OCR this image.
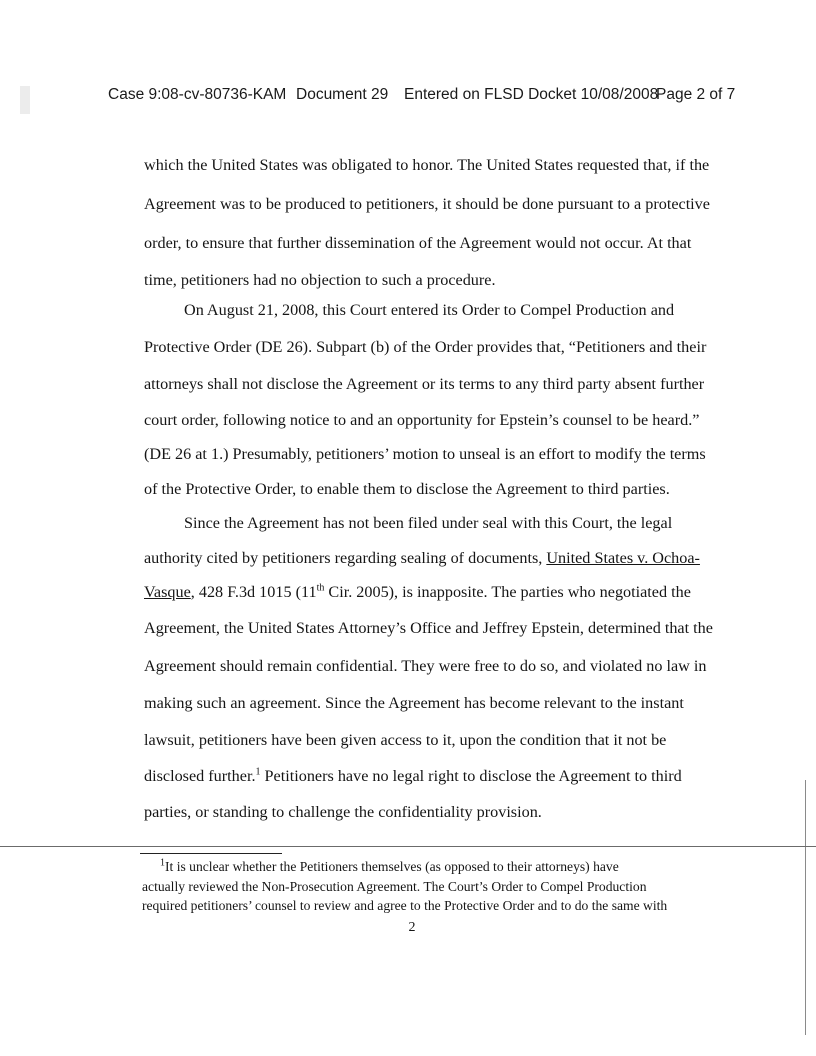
Case 9:08-cv-80736-KAM Document 29 Entered on FLSD Docket 10/08/2008
Page 2 of 7
which the United States was obligated to honor. The United States requested that, if the
Agreement was to be produced to petitioners, it should be done pursuant to a protective
order, to ensure that further dissemination of the Agreement would not occur. At that
time, petitioners had no objection to such a procedure.
On August 21, 2008, this Court entered its Order to Compel Production and
Protective Order (DE 26). Subpart (b) of the Order provides that, “Petitioners and their
attorneys shall not disclose the Agreement or its terms to any third party absent further
court order, following notice to and an opportunity for Epstein’s counsel to be heard.”
(DE 26 at 1.) Presumably, petitioners’ motion to unseal is an effort to modify the terms
of the Protective Order, to enable them to disclose the Agreement to third parties.
Since the Agreement has not been filed under seal with this Court, the legal
authority cited by petitioners regarding sealing of documents, United States v. Ochoa-
Vasque, 428 F.3d 1015 (11th Cir. 2005), is inapposite. The parties who negotiated the
Agreement, the United States Attorney’s Office and Jeffrey Epstein, determined that the
Agreement should remain confidential. They were free to do so, and violated no law in
making such an agreement. Since the Agreement has become relevant to the instant
lawsuit, petitioners have been given access to it, upon the condition that it not be
disclosed further.$^1$ Petitioners have no legal right to disclose the Agreement to third
parties, or standing to challenge the confidentiality provision.
$^1$It is unclear whether the Petitioners themselves (as opposed to their attorneys) have
actually reviewed the Non-Prosecution Agreement. The Court’s Order to Compel Production
required petitioners’ counsel to review and agree to the Protective Order and to do the same with
2
